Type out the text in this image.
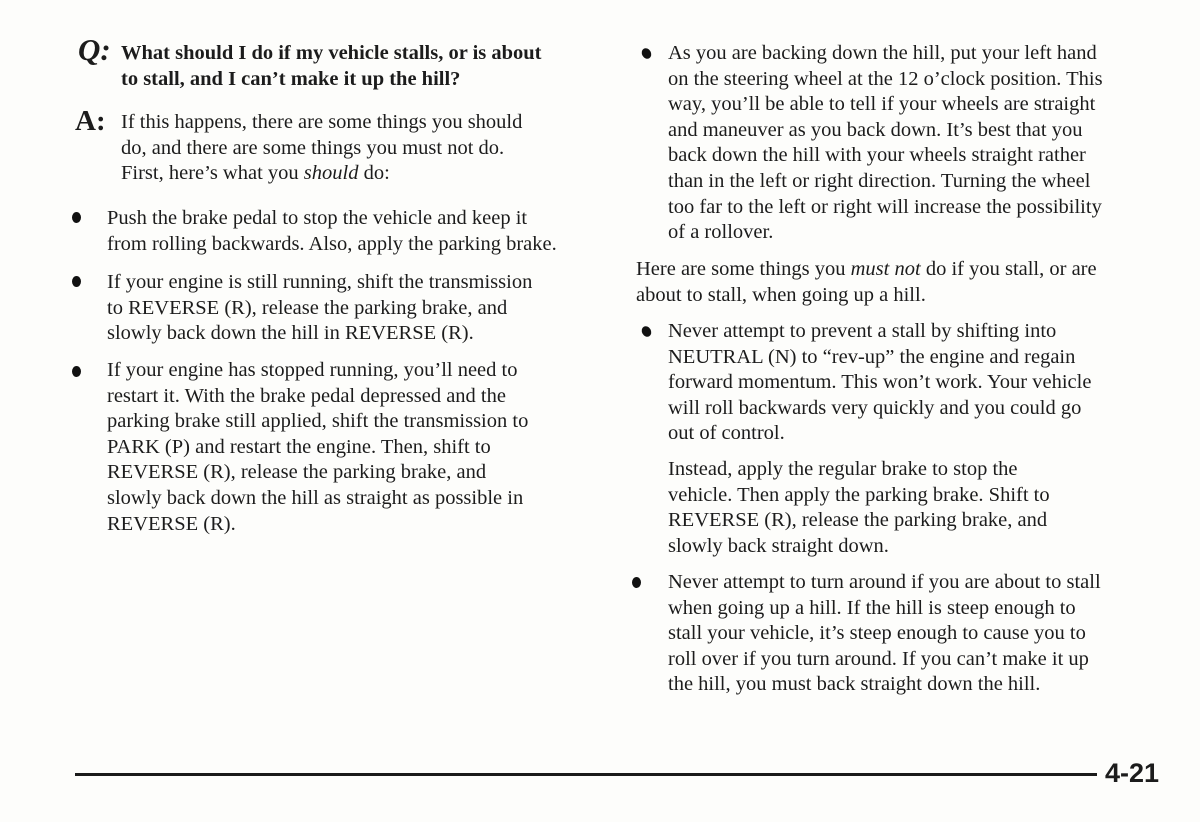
Q: What should I do if my vehicle stalls, or is about
to stall, and I can’t make it up the hill?

A: If this happens, there are some things you should
do, and there are some things you must not do.
First, here’s what you should do:

Push the brake pedal to stop the vehicle and keep it
from rolling backwards. Also, apply the parking brake.

If your engine is still running, shift the transmission
to REVERSE (R), release the parking brake, and
slowly back down the hill in REVERSE (R).

If your engine has stopped running, you’ll need to
restart it. With the brake pedal depressed and the
parking brake still applied, shift the transmission to
PARK (P) and restart the engine. Then, shift to
REVERSE (R), release the parking brake, and
slowly back down the hill as straight as possible in
REVERSE (R).

As you are backing down the hill, put your left hand
on the steering wheel at the 12 o’clock position. This
way, you’ll be able to tell if your wheels are straight
and maneuver as you back down. It’s best that you
back down the hill with your wheels straight rather
than in the left or right direction. Turning the wheel
too far to the left or right will increase the possibility
of a rollover.

Here are some things you must not do if you stall, or are
about to stall, when going up a hill.

Never attempt to prevent a stall by shifting into
NEUTRAL (N) to “rev-up” the engine and regain
forward momentum. This won’t work. Your vehicle
will roll backwards very quickly and you could go
out of control.

Instead, apply the regular brake to stop the
vehicle. Then apply the parking brake. Shift to
REVERSE (R), release the parking brake, and
slowly back straight down.

Never attempt to turn around if you are about to stall
when going up a hill. If the hill is steep enough to
stall your vehicle, it’s steep enough to cause you to
roll over if you turn around. If you can’t make it up
the hill, you must back straight down the hill.

4-21
